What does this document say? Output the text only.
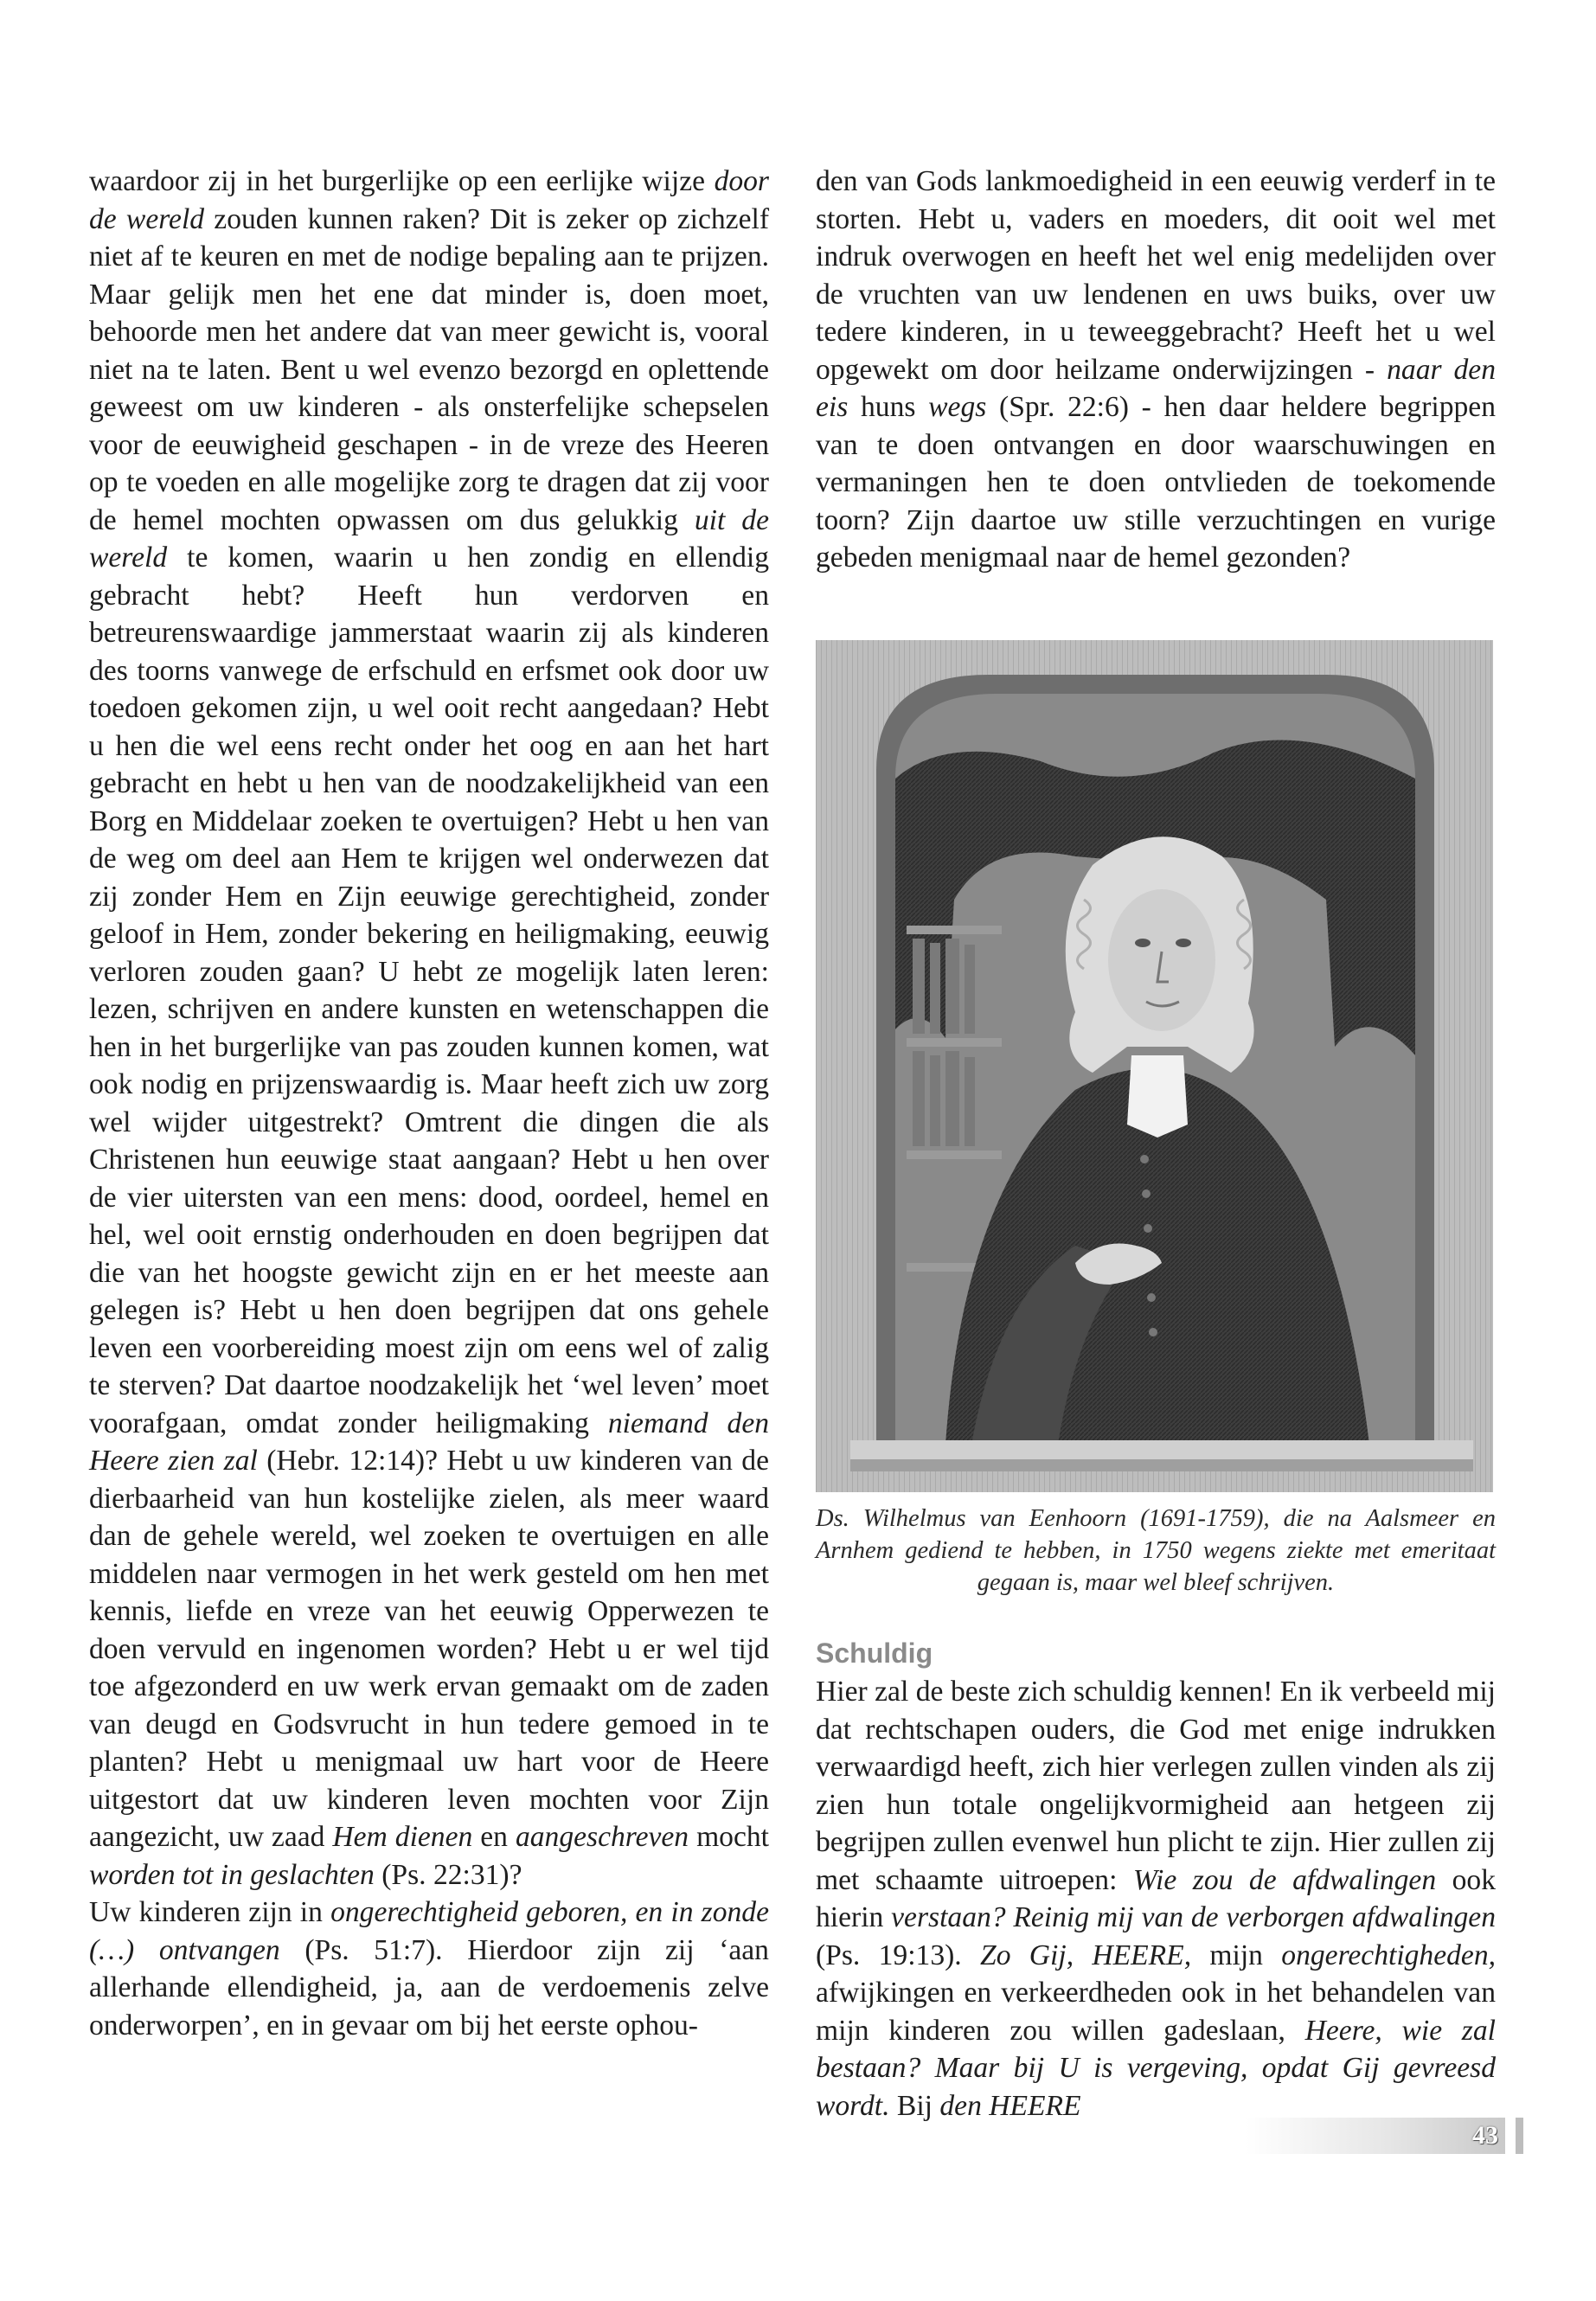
waardoor zij in het burgerlijke op een eerlijke wijze door de wereld zouden kunnen raken? Dit is zeker op zichzelf niet af te keuren en met de nodige bepaling aan te prijzen. Maar gelijk men het ene dat minder is, doen moet, behoorde men het andere dat van meer gewicht is, vooral niet na te laten. Bent u wel evenzo bezorgd en oplettende geweest om uw kinderen - als onsterfelijke schepselen voor de eeuwigheid geschapen - in de vreze des Heeren op te voeden en alle mogelijke zorg te dragen dat zij voor de hemel mochten opwassen om dus gelukkig uit de wereld te komen, waarin u hen zondig en ellendig gebracht hebt? Heeft hun verdorven en betreurenswaardige jammerstaat waarin zij als kinderen des toorns vanwege de erfschuld en erfsmet ook door uw toedoen gekomen zijn, u wel ooit recht aangedaan? Hebt u hen die wel eens recht onder het oog en aan het hart gebracht en hebt u hen van de noodzakelijkheid van een Borg en Middelaar zoeken te overtuigen? Hebt u hen van de weg om deel aan Hem te krijgen wel onderwezen dat zij zonder Hem en Zijn eeuwige gerechtigheid, zonder geloof in Hem, zonder bekering en heiligmaking, eeuwig verloren zouden gaan? U hebt ze mogelijk laten leren: lezen, schrijven en andere kunsten en wetenschappen die hen in het burgerlijke van pas zouden kunnen komen, wat ook nodig en prijzenswaardig is. Maar heeft zich uw zorg wel wijder uitgestrekt? Omtrent die dingen die als Christenen hun eeuwige staat aangaan? Hebt u hen over de vier uitersten van een mens: dood, oordeel, hemel en hel, wel ooit ernstig onderhouden en doen begrijpen dat die van het hoogste gewicht zijn en er het meeste aan gelegen is? Hebt u hen doen begrijpen dat ons gehele leven een voorbereiding moest zijn om eens wel of zalig te sterven? Dat daartoe noodzakelijk het ‘wel leven’ moet voorafgaan, omdat zonder heiligmaking niemand den Heere zien zal (Hebr. 12:14)? Hebt u uw kinderen van de dierbaarheid van hun kostelijke zielen, als meer waard dan de gehele wereld, wel zoeken te overtuigen en alle middelen naar vermogen in het werk gesteld om hen met kennis, liefde en vreze van het eeuwig Opperwezen te doen vervuld en ingenomen worden? Hebt u er wel tijd toe afgezonderd en uw werk ervan gemaakt om de zaden van deugd en Godsvrucht in hun tedere gemoed in te planten? Hebt u menigmaal uw hart voor de Heere uitgestort dat uw kinderen leven mochten voor Zijn aangezicht, uw zaad Hem dienen en aangeschreven mocht worden tot in geslachten (Ps. 22:31)?

Uw kinderen zijn in ongerechtigheid geboren, en in zonde (…) ontvangen (Ps. 51:7). Hierdoor zijn zij ‘aan allerhande ellendigheid, ja, aan de verdoemenis zelve onderworpen’, en in gevaar om bij het eerste ophou-

den van Gods lankmoedigheid in een eeuwig verderf in te storten. Hebt u, vaders en moeders, dit ooit wel met indruk overwogen en heeft het wel enig medelijden over de vruchten van uw lendenen en uws buiks, over uw tedere kinderen, in u teweeggebracht? Heeft het u wel opgewekt om door heilzame onderwijzingen - naar den eis huns wegs (Spr. 22:6) - hen daar heldere begrippen van te doen ontvangen en door waarschuwingen en vermaningen hen te doen ontvlieden de toekomende toorn? Zijn daartoe uw stille verzuchtingen en vurige gebeden menigmaal naar de hemel gezonden?

Ds. Wilhelmus van Eenhoorn (1691-1759), die na Aalsmeer en Arnhem gediend te hebben, in 1750 wegens ziekte met emeritaat gegaan is, maar wel bleef schrijven.
Schuldig

Hier zal de beste zich schuldig kennen! En ik verbeeld mij dat rechtschapen ouders, die God met enige indrukken verwaardigd heeft, zich hier verlegen zullen vinden als zij zien hun totale ongelijkvormigheid aan hetgeen zij begrijpen zullen evenwel hun plicht te zijn. Hier zullen zij met schaamte uitroepen: Wie zou de afdwalingen ook hierin verstaan? Reinig mij van de verborgen afdwalingen (Ps. 19:13). Zo Gij, HEERE, mijn ongerechtigheden, afwijkingen en verkeerdheden ook in het behandelen van mijn kinderen zou willen gadeslaan, Heere, wie zal bestaan? Maar bij U is vergeving, opdat Gij gevreesd wordt. Bij den HEERE

43
